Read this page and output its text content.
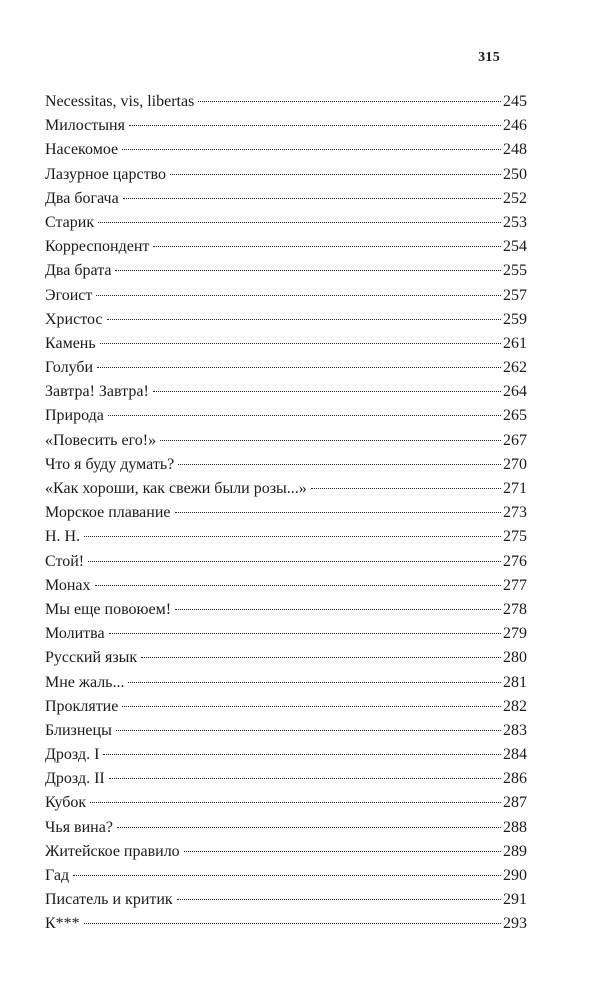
315
Necessitas, vis, libertas	245
Милостыня	246
Насекомое	248
Лазурное царство	250
Два богача	252
Старик	253
Корреспондент	254
Два брата	255
Эгоист	257
Христос	259
Камень	261
Голуби	262
Завтра! Завтра!	264
Природа	265
«Повесить его!»	267
Что я буду думать?	270
«Как хороши, как свежи были розы...»	271
Морское плавание	273
Н. Н.	275
Стой!	276
Монах	277
Мы еще повоюем!	278
Молитва	279
Русский язык	280
Мне жаль...	281
Проклятие	282
Близнецы	283
Дрозд. I	284
Дрозд. II	286
Кубок	287
Чья вина?	288
Житейское правило	289
Гад	290
Писатель и критик	291
К***	293
